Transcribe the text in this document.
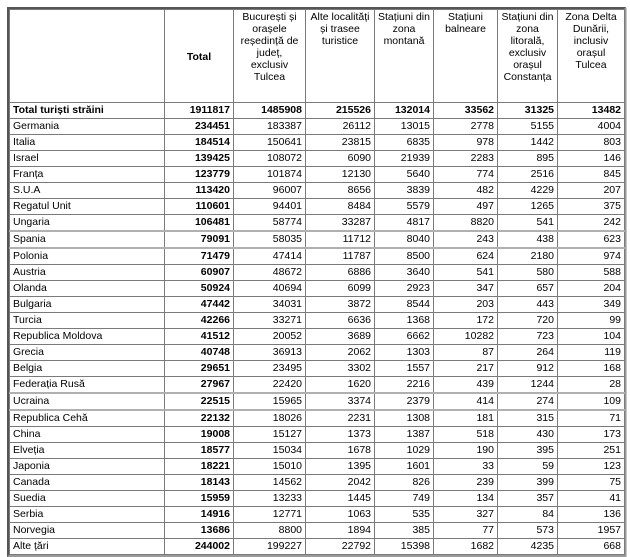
	Total	București și orașele reședință de județ, exclusiv Tulcea	Alte localități și trasee turistice	Stațiuni din zona montană	Stațiuni balneare	Stațiuni din zona litorală, exclusiv orașul Constanța	Zona Delta Dunării, inclusiv orașul Tulcea
Total turiști străini	1911817	1485908	215526	132014	33562	31325	13482
Germania	234451	183387	26112	13015	2778	5155	4004
Italia	184514	150641	23815	6835	978	1442	803
Israel	139425	108072	6090	21939	2283	895	146
Franța	123779	101874	12130	5640	774	2516	845
S.U.A	113420	96007	8656	3839	482	4229	207
Regatul Unit	110601	94401	8484	5579	497	1265	375
Ungaria	106481	58774	33287	4817	8820	541	242
Spania	79091	58035	11712	8040	243	438	623
Polonia	71479	47414	11787	8500	624	2180	974
Austria	60907	48672	6886	3640	541	580	588
Olanda	50924	40694	6099	2923	347	657	204
Bulgaria	47442	34031	3872	8544	203	443	349
Turcia	42266	33271	6636	1368	172	720	99
Republica Moldova	41512	20052	3689	6662	10282	723	104
Grecia	40748	36913	2062	1303	87	264	119
Belgia	29651	23495	3302	1557	217	912	168
Federația Rusă	27967	22420	1620	2216	439	1244	28
Ucraina	22515	15965	3374	2379	414	274	109
Republica Cehă	22132	18026	2231	1308	181	315	71
China	19008	15127	1373	1387	518	430	173
Elveția	18577	15034	1678	1029	190	395	251
Japonia	18221	15010	1395	1601	33	59	123
Canada	18143	14562	2042	826	239	399	75
Suedia	15959	13233	1445	749	134	357	41
Serbia	14916	12771	1063	535	327	84	136
Norvegia	13686	8800	1894	385	77	573	1957
Alte țări	244002	199227	22792	15398	1682	4235	668
